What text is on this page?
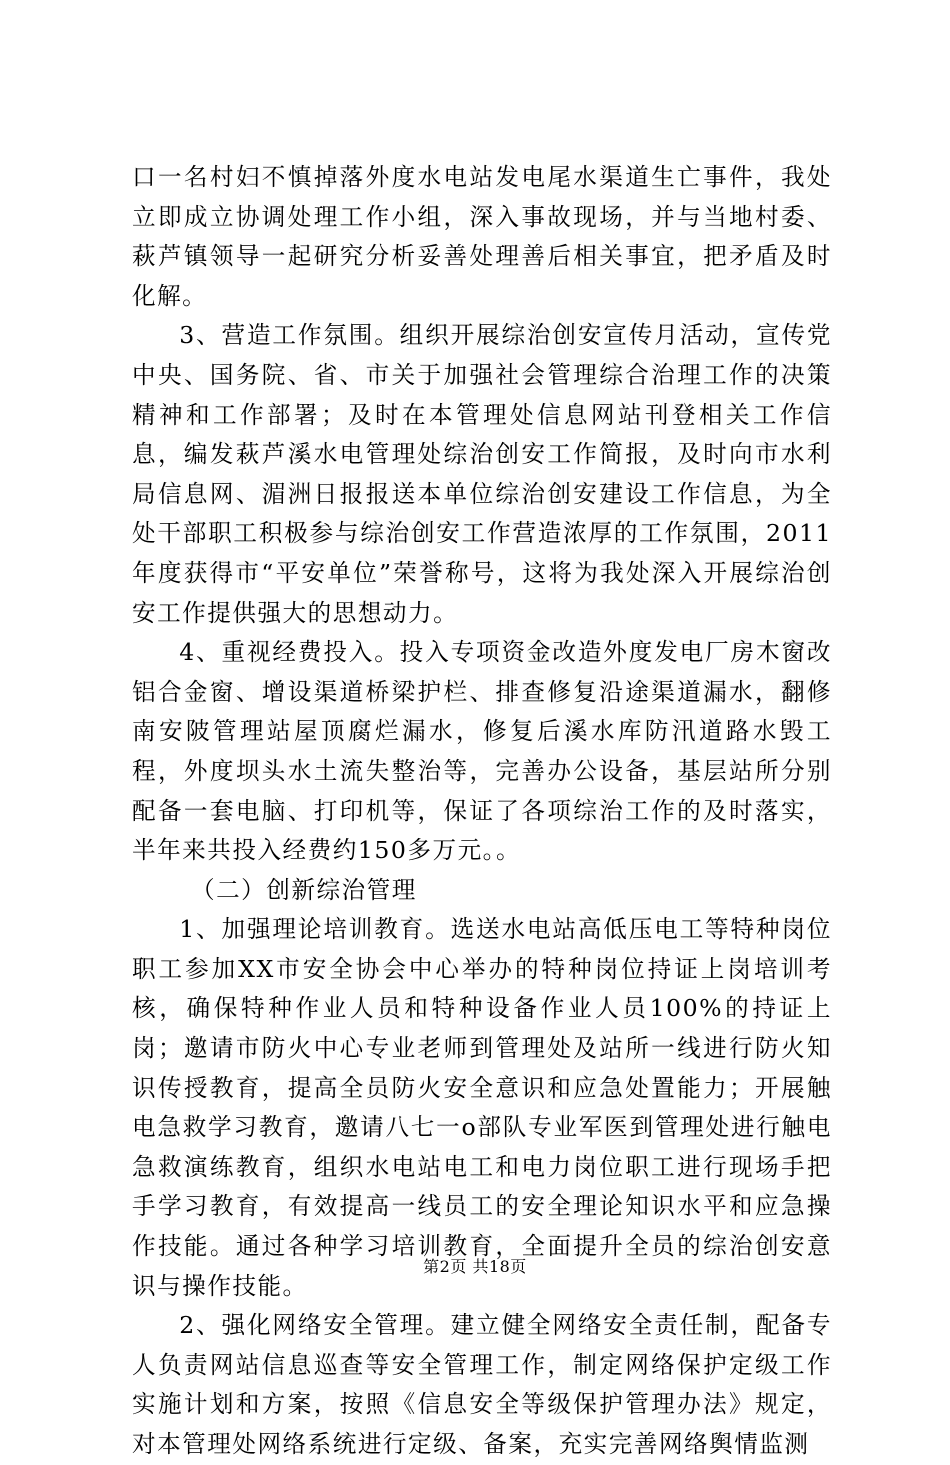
口一名村妇不慎掉落外度水电站发电尾水渠道生亡事件，我处立即成立协调处理工作小组，深入事故现场，并与当地村委、萩芦镇领导一起研究分析妥善处理善后相关事宜，把矛盾及时化解。

3、营造工作氛围。组织开展综治创安宣传月活动，宣传党中央、国务院、省、市关于加强社会管理综合治理工作的决策精神和工作部署；及时在本管理处信息网站刊登相关工作信息，编发萩芦溪水电管理处综治创安工作简报，及时向市水利局信息网、湄洲日报报送本单位综治创安建设工作信息，为全处干部职工积极参与综治创安工作营造浓厚的工作氛围，2011年度获得市“平安单位”荣誉称号，这将为我处深入开展综治创安工作提供强大的思想动力。

4、重视经费投入。投入专项资金改造外度发电厂房木窗改铝合金窗、增设渠道桥梁护栏、排查修复沿途渠道漏水，翻修南安陂管理站屋顶腐烂漏水，修复后溪水库防汛道路水毁工程，外度坝头水土流失整治等，完善办公设备，基层站所分别配备一套电脑、打印机等，保证了各项综治工作的及时落实，半年来共投入经费约150多万元。。

（二）创新综治管理

1、加强理论培训教育。选送水电站高低压电工等特种岗位职工参加XX市安全协会中心举办的特种岗位持证上岗培训考核，确保特种作业人员和特种设备作业人员100%的持证上岗；邀请市防火中心专业老师到管理处及站所一线进行防火知识传授教育，提高全员防火安全意识和应急处置能力；开展触电急救学习教育，邀请八七一o部队专业军医到管理处进行触电急救演练教育，组织水电站电工和电力岗位职工进行现场手把手学习教育，有效提高一线员工的安全理论知识水平和应急操作技能。通过各种学习培训教育，全面提升全员的综治创安意识与操作技能。

2、强化网络安全管理。建立健全网络安全责任制，配备专人负责网站信息巡查等安全管理工作，制定网络保护定级工作实施计划和方案，按照《信息安全等级保护管理办法》规定，对本管理处网络系统进行定级、备案，充实完善网络舆情监测

第2页 共18页
